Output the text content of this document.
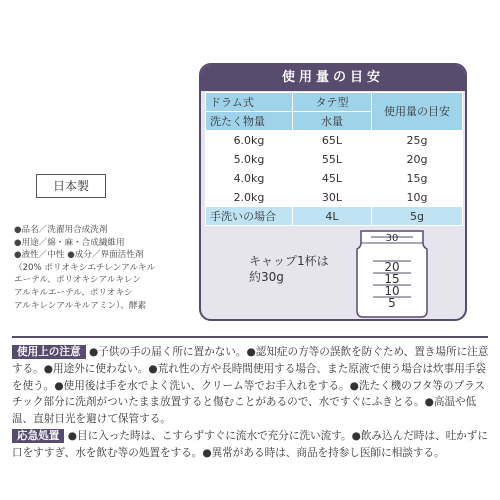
使用量の目安
ドラム式	タテ型	使用量の目安
洗たく物量	水量	
6.0kg	65L	25g
5.0kg	55L	20g
4.0kg	45L	15g
2.0kg	30L	10g
手洗いの場合	4L	5g
キャップ1杯は
約30g
30
20
15
10
5
日本製
●品名／洗濯用合成洗剤
●用途／綿・麻・合成繊維用
●液性／中性 ●成分／界面活性剤
（20% ポリオキシエチレンアルキル
エーテル、ポリオキシアルキレン
アルキルエーテル、ポリオキシ
アルキレンアルキルアミン）、酵素
使用上の注意 ●子供の手の届く所に置かない。●認知症の方等の誤飲を防ぐため、置き場所に注意する。●用途外に使わない。●荒れ性の方や長時間使用する場合、また原液で使う場合は炊事用手袋を使う。●使用後は手を水でよく洗い、クリーム等でお手入れをする。●洗たく機のフタ等のプラスチック部分に洗剤がついたまま放置すると傷むことがあるので、水ですぐにふきとる。●高温や低温、直射日光を避けて保管する。
応急処置 ●目に入った時は、こすらずすぐに流水で充分に洗い流す。●飲み込んだ時は、吐かずに口をすすぎ、水を飲む等の処置をする。●異常がある時は、商品を持参し医師に相談する。
